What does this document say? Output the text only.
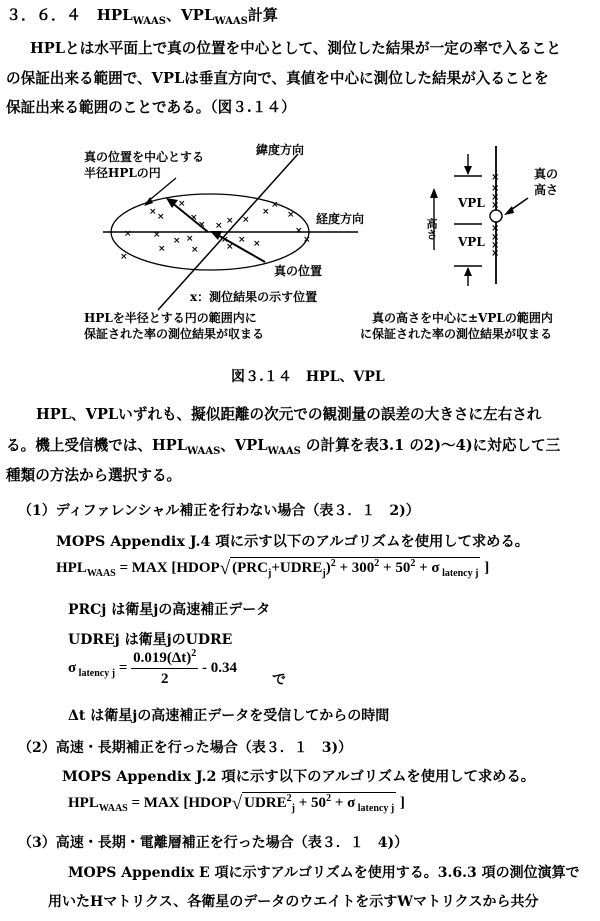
３．６．４ $HPL_{WAAS}$、$VPL_{WAAS}$計算
HPLとは水平面上で真の位置を中心として、測位した結果が一定の率で入ること
の保証出来る範囲で、VPLは垂直方向で、真値を中心に測位した結果が入ることを
保証出来る範囲のことである。（図３.１４）
× ×
×
×
× × × ×
×
×
×
× ×
×	×
× × ×
×
×	×
×
×
×
真の位置を中心とする
半径HPLの円
緯度方向
経度方向
真の位置
x：測位結果の示す位置
HPLを半径とする円の範囲内に
保証された率の測位結果が収まる
×
×
×
×
×
×
×
×
真の
高さ
高さ
VPL
VPL
真の高さを中心に±VPLの範囲内
に保証された率の測位結果が収まる
図３.１４　HPL、VPL
HPL、VPLいずれも、擬似距離の次元での観測量の誤差の大きさに左右され
る。機上受信機では、$HPL_{WAAS}$、$VPL_{WAAS}$ の計算を表3.1 の2)～4)に対応して三
種類の方法から選択する。
（1）ディファレンシャル補正を行わない場合（表３．１　2)）
MOPS Appendix J.4 項に示す以下のアルゴリズムを使用して求める。
$HPL_{WAAS}$ = MAX [HDOP√ $(PRC_j+UDRE_j)^2 + 300^2 + 50^2 + \sigma$ $_{latency j}$ ]
PRCj は衛星jの高速補正データ
UDREj は衛星jのUDRE
σ $_{latency j} = \frac{0.019(\Delta t)^2}{2} - 0.34$
で
Δt は衛星jの高速補正データを受信してからの時間
（2）高速・長期補正を行った場合（表３．１　3)）
MOPS Appendix J.2 項に示す以下のアルゴリズムを使用して求める。
$HPL_{WAAS}$ = MAX [HDOP√ $UDRE^2_j + 50^2 + \sigma$ $_{latency j}$ ]
（3）高速・長期・電離層補正を行った場合（表３．１　4)）
MOPS Appendix E 項に示すアルゴリズムを使用する。3.6.3 項の測位演算で
用いたHマトリクス、各衛星のデータのウエイトを示すWマトリクスから共分
